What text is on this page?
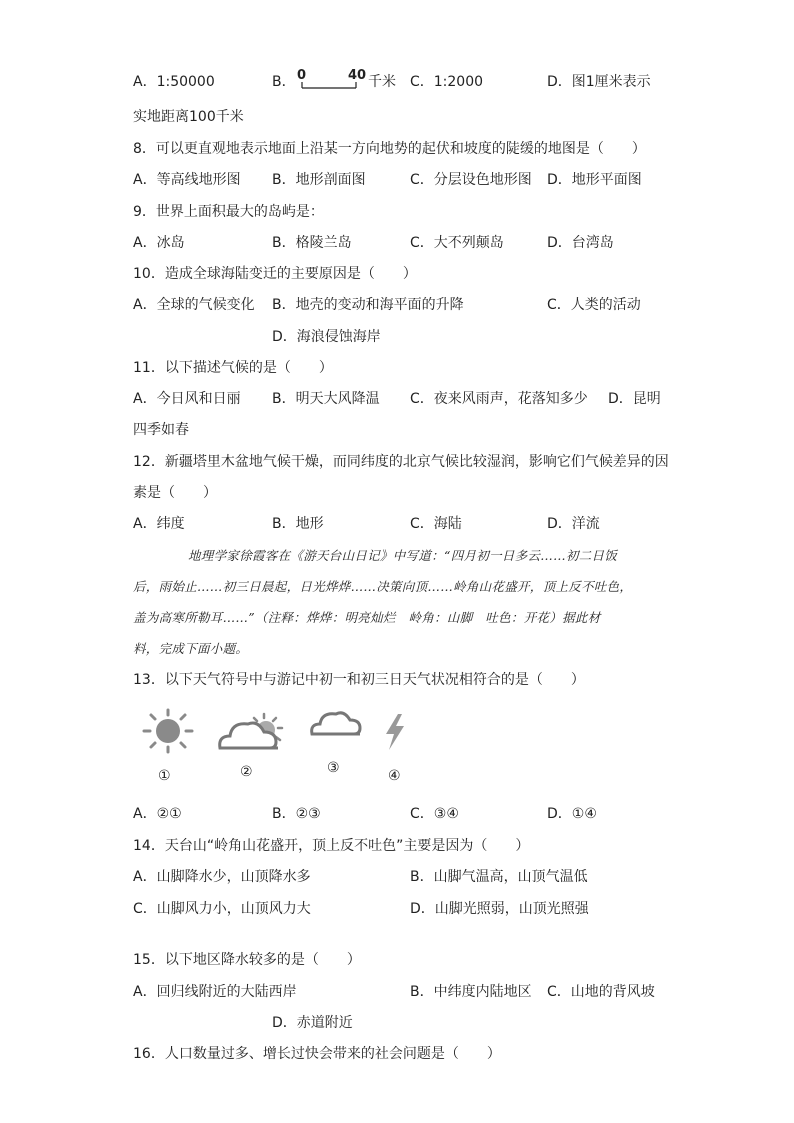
A．1:50000	B． 0	40 千米 C．1:2000	D．图1厘米表示
实地距离100千米
8．可以更直观地表示地面上沿某一方向地势的起伏和坡度的陡缓的地图是（　　）
A．等高线地形图 B．地形剖面图	C．分层设色地形图 D．地形平面图
9．世界上面积最大的岛屿是：
A．冰岛	B．格陵兰岛	C．大不列颠岛	D．台湾岛
10．造成全球海陆变迁的主要原因是（　　）
A．全球的气候变化 B．地壳的变动和海平面的升降	C．人类的活动
D．海浪侵蚀海岸
11．以下描述气候的是（　　）
A．今日风和日丽 B．明天大风降温 C．夜来风雨声，花落知多少 D．昆明
四季如春
12．新疆塔里木盆地气候干燥，而同纬度的北京气候比较湿润，影响它们气候差异的因
素是（　　）
A．纬度	B．地形	C．海陆	D．洋流
地理学家徐霞客在《游天台山日记》中写道：“四月初一日多云……初二日饭
后，雨始止……初三日晨起，日光烨烨……决策向顶……岭角山花盛开，顶上反不吐色，
盖为高寒所勒耳……”（注释：烨烨：明亮灿烂　岭角：山脚　吐色：开花）据此材
料，完成下面小题。
13．以下天气符号中与游记中初一和初三日天气状况相符合的是（　　）
①	②	③	④
A．②①	B．②③	C．③④	D．①④
14．天台山“岭角山花盛开，顶上反不吐色”主要是因为（　　）
A．山脚降水少，山顶降水多	B．山脚气温高，山顶气温低
C．山脚风力小，山顶风力大	D．山脚光照弱，山顶光照强
15．以下地区降水较多的是（　　）
A．回归线附近的大陆西岸	B．中纬度内陆地区 C．山地的背风坡
D．赤道附近
16．人口数量过多、增长过快会带来的社会问题是（　　）
